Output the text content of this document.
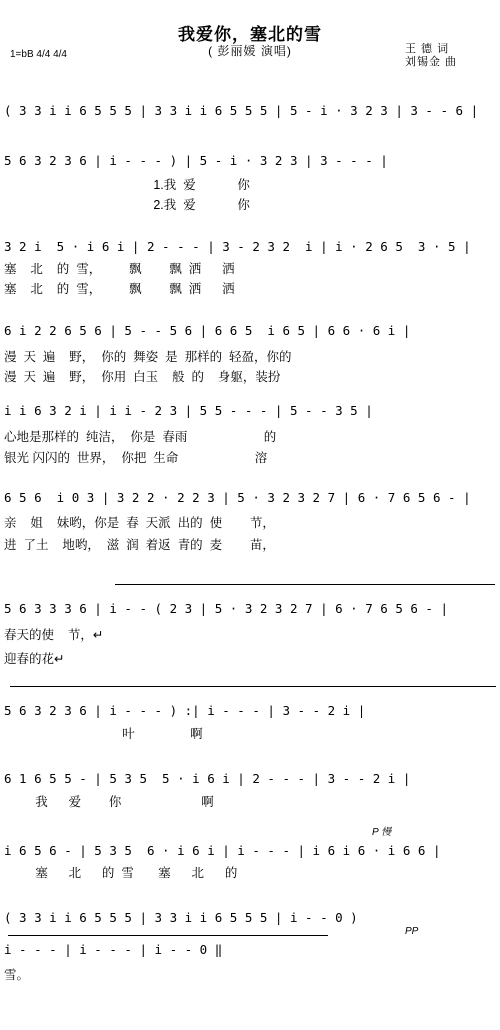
我爱你，塞北的雪
( 彭丽媛 演唱)
1=bB 4/4 4/4	王 德 词
刘锡金 曲
( 3 3 i i 6 5 5 5 | 3 3 i i 6 5 5 5 | 5 - i · 3 2 3 | 3 - - 6 |
5 6 3 2 3 6 | i - - - ) | 5 - i · 3 2 3 | 3 - - - |
3 2 i  5 · i 6 i | 2 - - - | 3 - 2 3 2  i | i · 2 6 5  3 · 5 |
6 i 2 2 6 5 6 | 5 - - 5 6 | 6 6 5  i 6 5 | 6 6 · 6 i |
i i 6 3 2 i | i i - 2 3 | 5 5 - - - | 5 - - 3 5 |
6 5 6  i 0 3 | 3 2 2 · 2 2 3 | 5 · 3 2 3 2 7 | 6 · 7 6 5 6 - |
5 6 3 3 3 6 | i - - ( 2 3 | 5 · 3 2 3 2 7 | 6 · 7 6 5 6 - |
5 6 3 2 3 6 | i - - - ) :| i - - - | 3 - - 2 i |
6 1 6 5 5 - | 5 3 5  5 · i 6 i | 2 - - - | 3 - - 2 i |
i 6 5 6 - | 5 3 5  6 · i 6 i | i - - - | i 6 i 6 · i 6 6 |
( 3 3 i i 6 5 5 5 | 3 3 i i 6 5 5 5 | i - - 0 )
i - - - | i - - - | i - - 0 ‖
1.我  爱            你
2.我  爱            你
塞    北    的  雪，        飘        飘  洒      洒
塞    北    的  雪，        飘        飘  洒      洒
漫  天  遍    野，  你的  舞姿  是  那样的  轻盈，你的
漫  天  遍    野，  你用  白玉    般  的    身躯，装扮
心地是那样的  纯洁，  你是  春雨                      的
银光 闪闪的  世界，  你把  生命                      溶
亲    姐    妹哟，你是  春  天派  出的  使        节，
进  了土    地哟，  滋  润  着返  青的  麦        苗，
春天的使    节，↵
迎春的花↵
叶                啊
我      爱        你                       啊
塞      北      的  雪       塞      北      的
雪。
P 慢
PP
